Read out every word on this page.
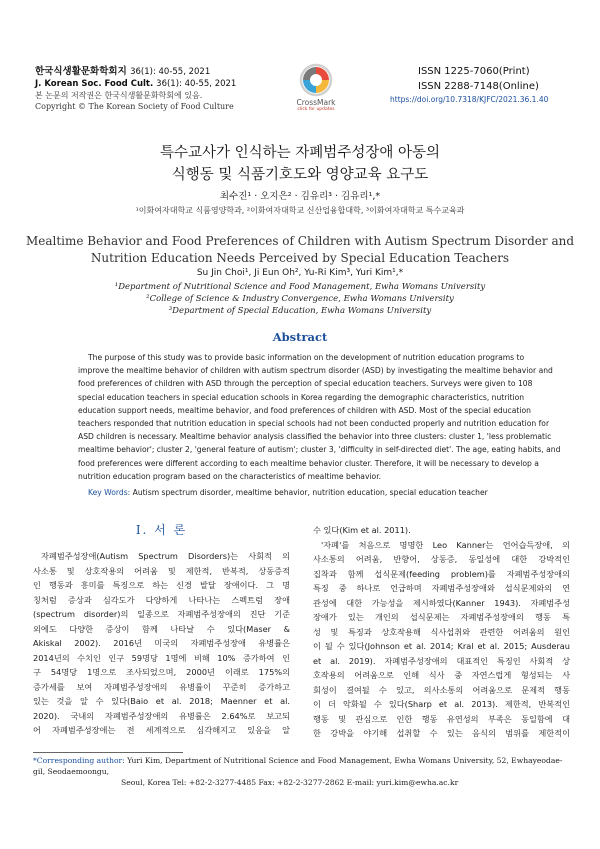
한국식생활문화학회지 36(1): 40-55, 2021
J. Korean Soc. Food Cult. 36(1): 40-55, 2021
본 논문의 저작권은 한국식생활문화학회에 있음.
Copyright © The Korean Society of Food Culture	CrossMark
click for updates
ISSN 1225-7060(Print)
ISSN 2288-7148(Online)
https://doi.org/10.7318/KJFC/2021.36.1.40
특수교사가 인식하는 자폐범주성장애 아동의
식행동 및 식품기호도와 영양교육 요구도
최수진¹ · 오지은² · 김유리³ · 김유리¹,*
¹이화여자대학교 식품영양학과, ²이화여자대학교 신산업융합대학, ³이화여자대학교 특수교육과
Mealtime Behavior and Food Preferences of Children with Autism Spectrum Disorder and
Nutrition Education Needs Perceived by Special Education Teachers
Su Jin Choi¹, Ji Eun Oh², Yu-Ri Kim³, Yuri Kim¹,*
¹Department of Nutritional Science and Food Management, Ewha Womans University
²College of Science & Industry Convergence, Ewha Womans University
³Department of Special Education, Ewha Womans University
Abstract
The purpose of this study was to provide basic information on the development of nutrition education programs to
improve the mealtime behavior of children with autism spectrum disorder (ASD) by investigating the mealtime behavior and
food preferences of children with ASD through the perception of special education teachers. Surveys were given to 108
special education teachers in special education schools in Korea regarding the demographic characteristics, nutrition
education support needs, mealtime behavior, and food preferences of children with ASD. Most of the special education
teachers responded that nutrition education in special schools had not been conducted properly and nutrition education for
ASD children is necessary. Mealtime behavior analysis classified the behavior into three clusters: cluster 1, 'less problematic
mealtime behavior'; cluster 2, 'general feature of autism'; cluster 3, 'difficulty in self-directed diet'. The age, eating habits, and
food preferences were different according to each mealtime behavior cluster. Therefore, it will be necessary to develop a
nutrition education program based on the characteristics of mealtime behavior.
Key Words: Autism spectrum disorder, mealtime behavior, nutrition education, special education teacher
I. 서 론
자폐범주성장애(Autism Spectrum Disorders)는 사회적 의
사소통 및 상호작용의 어려움 및 제한적, 반복적, 상동증적
인 행동과 흥미를 특징으로 하는 신경 발달 장애이다. 그 명
칭처럼 증상과 심각도가 다양하게 나타나는 스펙트럼 장애
(spectrum disorder)의 일종으로 자폐범주성장애의 진단 기준
외에도 다양한 증상이 함께 나타날 수 있다(Maser &
Akiskal 2002). 2016년 미국의 자폐범주성장애 유병률은
2014년의 수치인 인구 59명당 1명에 비해 10% 증가하여 인
구 54명당 1명으로 조사되었으며, 2000년 이래로 175%의
증가세를 보여 자폐범주성장애의 유병률이 꾸준히 증가하고
있는 것을 알 수 있다(Baio et al. 2018; Maenner et al.
2020). 국내의 자폐범주성장애의 유병률은 2.64%로 보고되
어 자폐범주성장애는 전 세계적으로 심각해지고 있음을 알
수 있다(Kim et al. 2011).
'자폐'를 처음으로 명명한 Leo Kanner는 언어습득장애, 의
사소통의 어려움, 반향어, 상동증, 동일성에 대한 강박적인
집착과 함께 섭식문제(feeding problem)를 자폐범주성장애의
특징 중 하나로 언급하며 자폐범주성장애와 섭식문제와의 연
관성에 대한 가능성을 제시하였다(Kanner 1943). 자폐범주성
장애가 있는 개인의 섭식문제는 자폐범주성장애의 행동 특
성 및 특징과 상호작용해 식사섭취와 관련한 어려움의 원인
이 될 수 있다(Johnson et al. 2014; Kral et al. 2015; Ausderau
et al. 2019). 자폐범주성장애의 대표적인 특징인 사회적 상
호작용의 어려움으로 인해 식사 중 자연스럽게 형성되는 사
회성이 결여될 수 있고, 의사소통의 어려움으로 문제적 행동
이 더 악화될 수 있다(Sharp et al. 2013). 제한적, 반복적인
행동 및 관심으로 인한 행동 유연성의 부족은 동일함에 대
한 강박을 야기해 섭취할 수 있는 음식의 범위를 제한적이
*Corresponding author: Yuri Kim, Department of Nutritional Science and Food Management, Ewha Womans University, 52, Ewhayeodae-gil, Seodaemoongu,
Seoul, Korea Tel: +82-2-3277-4485 Fax: +82-2-3277-2862 E-mail: yuri.kim@ewha.ac.kr
